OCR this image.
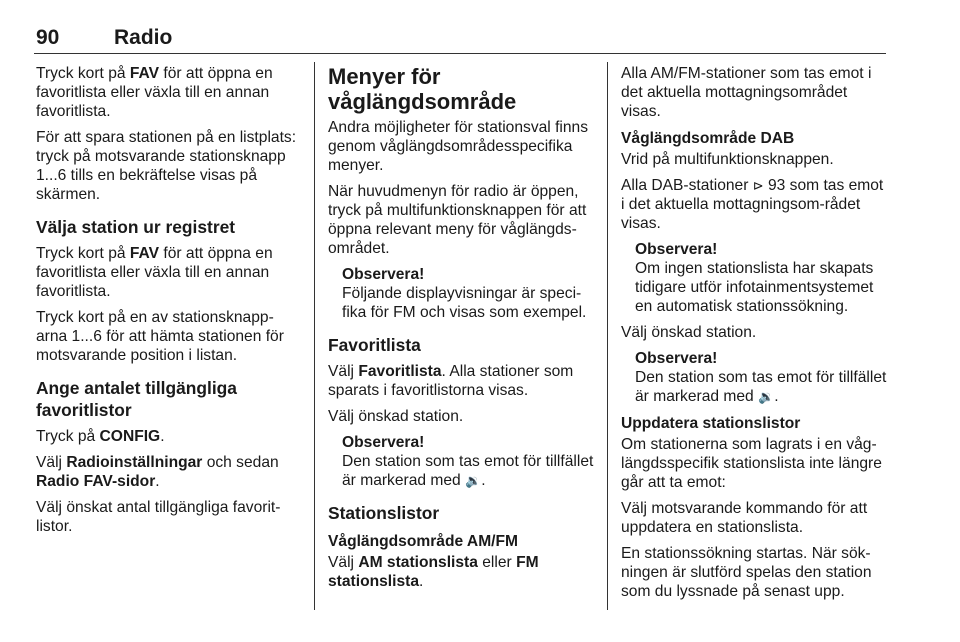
90	Radio

Tryck kort på FAV för att öppna en favoritlista eller växla till en annan favoritlista.

För att spara stationen på en listplats: tryck på motsvarande stationsknapp 1...6 tills en bekräftelse visas på skärmen.

Välja station ur registret

Tryck kort på FAV för att öppna en favoritlista eller växla till en annan favoritlista.

Tryck kort på en av stationsknapp-arna 1...6 för att hämta stationen för motsvarande position i listan.

Ange antalet tillgängliga
favoritlistor

Tryck på CONFIG.

Välj Radioinställningar och sedan Radio FAV-sidor.

Välj önskat antal tillgängliga favorit-listor.

Menyer för
våglängdsområde

Andra möjligheter för stationsval finns genom våglängdsområdesspecifika menyer.

När huvudmenyn för radio är öppen, tryck på multifunktionsknappen för att öppna relevant meny för våglängds-området.

Observera!
Följande displayvisningar är speci-fika för FM och visas som exempel.
Favoritlista

Välj Favoritlista. Alla stationer som sparats i favoritlistorna visas.

Välj önskad station.

Observera!
Den station som tas emot för tillfället är markerad med 🔉.
Stationslistor
Våglängdsområde AM/FM

Välj AM stationslista eller FM stationslista.

Alla AM/FM-stationer som tas emot i det aktuella mottagningsområdet visas.

Våglängdsområde DAB

Vrid på multifunktionsknappen.

Alla DAB-stationer ⊳ 93 som tas emot i det aktuella mottagningsom-rådet visas.

Observera!
Om ingen stationslista har skapats tidigare utför infotainmentsystemet en automatisk stationssökning.

Välj önskad station.

Observera!
Den station som tas emot för tillfället är markerad med 🔉.
Uppdatera stationslistor

Om stationerna som lagrats i en våg-längdsspecifik stationslista inte längre går att ta emot:

Välj motsvarande kommando för att uppdatera en stationslista.

En stationssökning startas. När sök-ningen är slutförd spelas den station som du lyssnade på senast upp.
